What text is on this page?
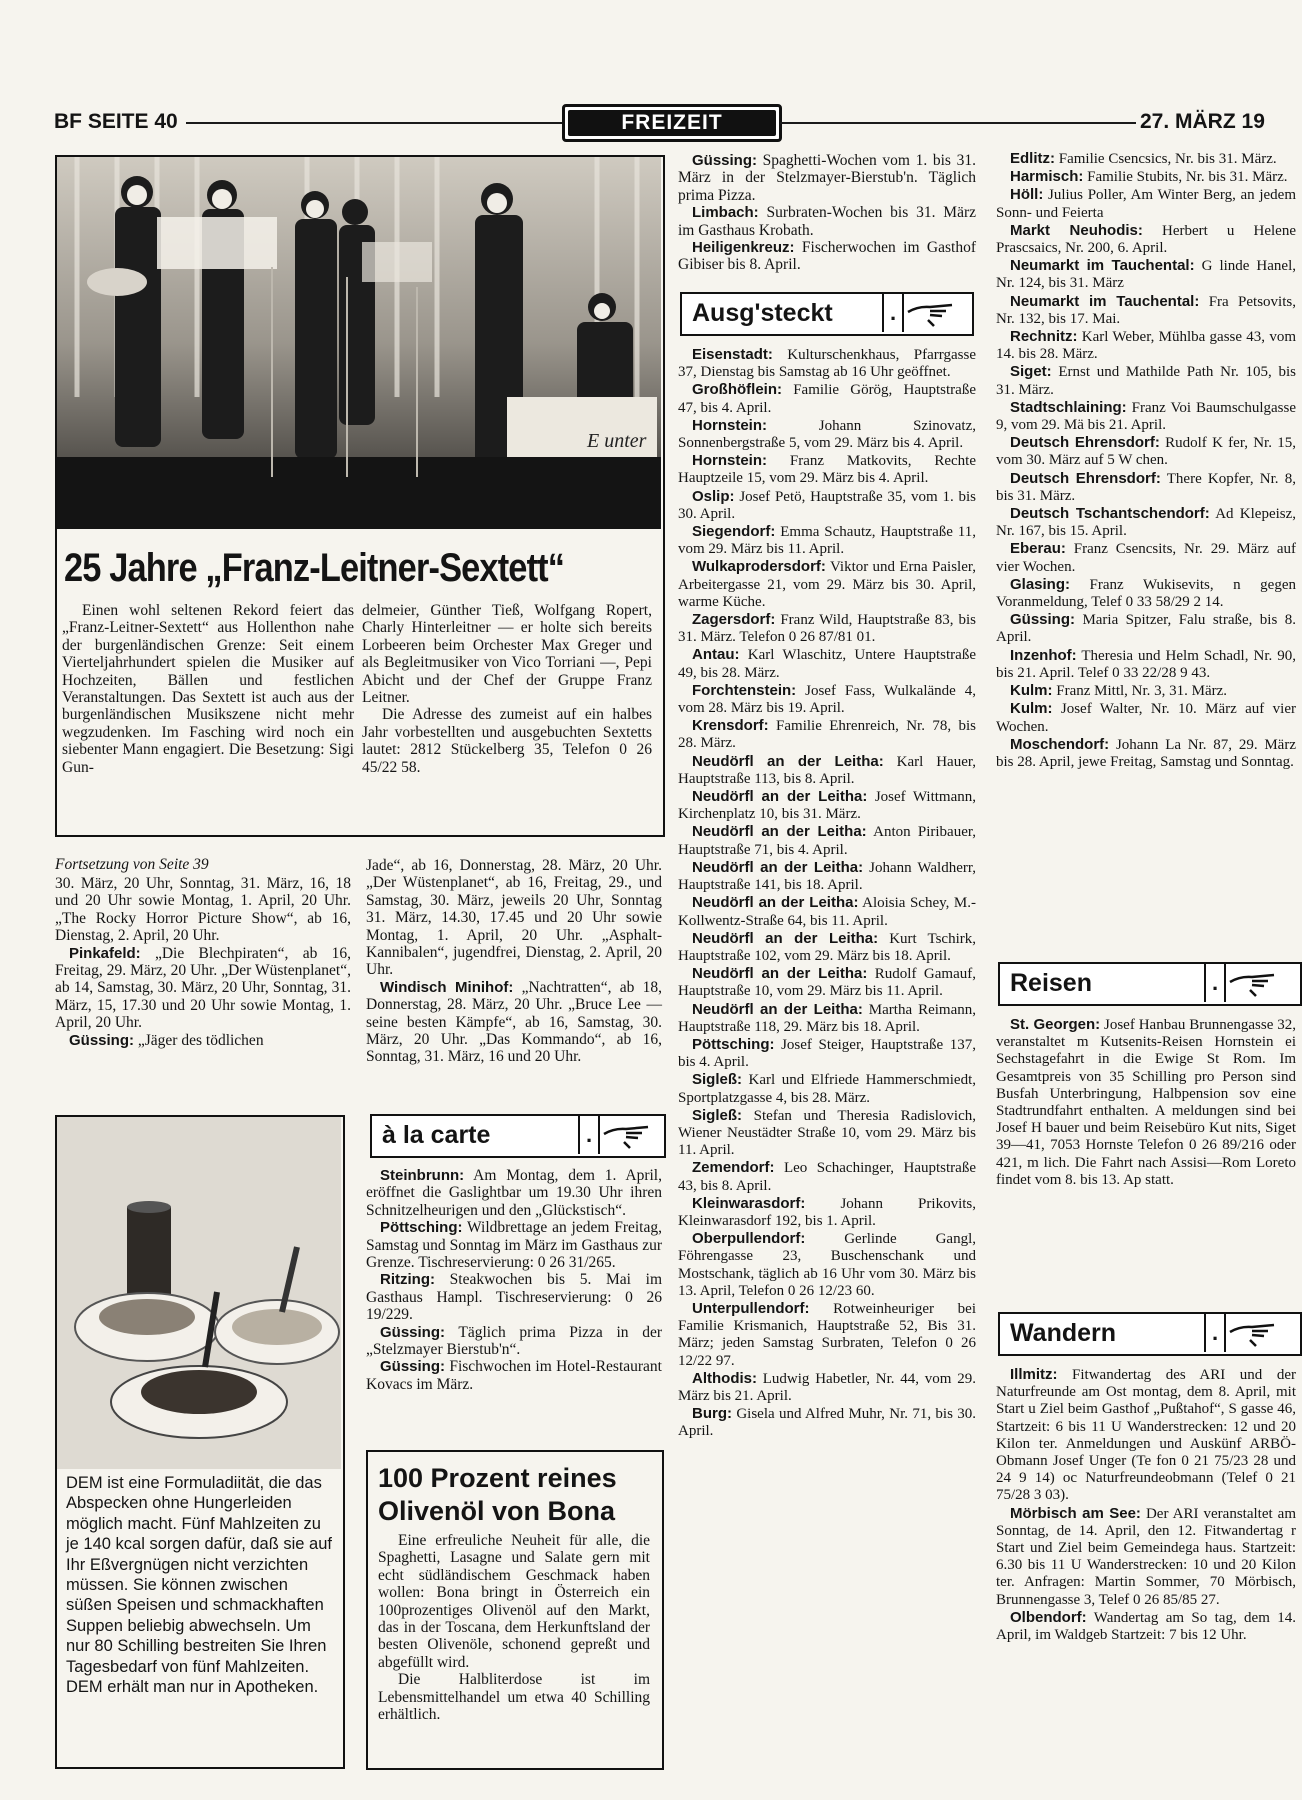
BF SEITE 40	FREIZEIT	27. MÄRZ 19
E unter
25 Jahre „Franz-Leitner-Sextett“

Einen wohl seltenen Rekord feiert das „Franz-Leitner-Sextett“ aus Hollenthon nahe der burgenländischen Grenze: Seit einem Vierteljahrhundert spielen die Musiker auf Hochzeiten, Bällen und festlichen Veranstaltungen. Das Sextett ist auch aus der burgenländischen Musikszene nicht mehr wegzudenken. Im Fasching wird noch ein siebenter Mann engagiert. Die Besetzung: Sigi Gun-

delmeier, Günther Tieß, Wolfgang Ropert, Charly Hinterleitner — er holte sich bereits Lorbeeren beim Orchester Max Greger und als Begleitmusiker von Vico Torriani —, Pepi Abicht und der Chef der Gruppe Franz Leitner.

Die Adresse des zumeist auf ein halbes Jahr vorbestellten und ausgebuchten Sextetts lautet: 2812 Stückelberg 35, Telefon 0 26 45/22 58.

Fortsetzung von Seite 39

30. März, 20 Uhr, Sonntag, 31. März, 16, 18 und 20 Uhr sowie Montag, 1. April, 20 Uhr. „The Rocky Horror Picture Show“, ab 16, Dienstag, 2. April, 20 Uhr.

Pinkafeld: „Die Blechpiraten“, ab 16, Freitag, 29. März, 20 Uhr. „Der Wüstenplanet“, ab 14, Samstag, 30. März, 20 Uhr, Sonntag, 31. März, 15, 17.30 und 20 Uhr sowie Montag, 1. April, 20 Uhr.

Güssing: „Jäger des tödlichen

Jade“, ab 16, Donnerstag, 28. März, 20 Uhr. „Der Wüstenplanet“, ab 16, Freitag, 29., und Samstag, 30. März, jeweils 20 Uhr, Sonntag 31. März, 14.30, 17.45 und 20 Uhr sowie Montag, 1. April, 20 Uhr. „Asphalt-Kannibalen“, jugendfrei, Dienstag, 2. April, 20 Uhr.

Windisch Minihof: „Nachtratten“, ab 18, Donnerstag, 28. März, 20 Uhr. „Bruce Lee — seine besten Kämpfe“, ab 16, Samstag, 30. März, 20 Uhr. „Das Kommando“, ab 16, Sonntag, 31. März, 16 und 20 Uhr.

DEM ist eine Formuladiität, die das Abspecken ohne Hungerleiden möglich macht. Fünf Mahlzeiten zu je 140 kcal sorgen dafür, daß sie auf Ihr Eßvergnügen nicht verzichten müssen. Sie können zwischen süßen Speisen und schmackhaften Suppen beliebig abwechseln. Um nur 80 Schilling bestreiten Sie Ihren Tagesbedarf von fünf Mahlzeiten.

DEM erhält man nur in Apotheken.

à la carte	.

Steinbrunn: Am Montag, dem 1. April, eröffnet die Gaslightbar um 19.30 Uhr ihren Schnitzelheurigen und den „Glückstisch“.

Pöttsching: Wildbrettage an jedem Freitag, Samstag und Sonntag im März im Gasthaus zur Grenze. Tischreservierung: 0 26 31/265.

Ritzing: Steakwochen bis 5. Mai im Gasthaus Hampl. Tischreservierung: 0 26 19/229.

Güssing: Täglich prima Pizza in der „Stelzmayer Bierstub'n“.

Güssing: Fischwochen im Hotel-Restaurant Kovacs im März.

100 Prozent reines Olivenöl von Bona

Eine erfreuliche Neuheit für alle, die Spaghetti, Lasagne und Salate gern mit echt südländischem Geschmack haben wollen: Bona bringt in Österreich ein 100prozentiges Olivenöl auf den Markt, das in der Toscana, dem Herkunftsland der besten Olivenöle, schonend gepreßt und abgefüllt wird.

Die Halbliterdose ist im Lebensmittelhandel um etwa 40 Schilling erhältlich.

Güssing: Spaghetti-Wochen vom 1. bis 31. März in der Stelzmayer-Bierstub'n. Täglich prima Pizza.

Limbach: Surbraten-Wochen bis 31. März im Gasthaus Krobath.

Heiligenkreuz: Fischerwochen im Gasthof Gibiser bis 8. April.

Ausg'steckt	.

Eisenstadt: Kulturschenkhaus, Pfarrgasse 37, Dienstag bis Samstag ab 16 Uhr geöffnet.

Großhöflein: Familie Görög, Hauptstraße 47, bis 4. April.

Hornstein: Johann Szinovatz, Sonnenbergstraße 5, vom 29. März bis 4. April.

Hornstein: Franz Matkovits, Rechte Hauptzeile 15, vom 29. März bis 4. April.

Oslip: Josef Petö, Hauptstraße 35, vom 1. bis 30. April.

Siegendorf: Emma Schautz, Hauptstraße 11, vom 29. März bis 11. April.

Wulkaprodersdorf: Viktor und Erna Paisler, Arbeitergasse 21, vom 29. März bis 30. April, warme Küche.

Zagersdorf: Franz Wild, Hauptstraße 83, bis 31. März. Telefon 0 26 87/81 01.

Antau: Karl Wlaschitz, Untere Hauptstraße 49, bis 28. März.

Forchtenstein: Josef Fass, Wulkalände 4, vom 28. März bis 19. April.

Krensdorf: Familie Ehrenreich, Nr. 78, bis 28. März.

Neudörfl an der Leitha: Karl Hauer, Hauptstraße 113, bis 8. April.

Neudörfl an der Leitha: Josef Wittmann, Kirchenplatz 10, bis 31. März.

Neudörfl an der Leitha: Anton Piribauer, Hauptstraße 71, bis 4. April.

Neudörfl an der Leitha: Johann Waldherr, Hauptstraße 141, bis 18. April.

Neudörfl an der Leitha: Aloisia Schey, M.-Kollwentz-Straße 64, bis 11. April.

Neudörfl an der Leitha: Kurt Tschirk, Hauptstraße 102, vom 29. März bis 18. April.

Neudörfl an der Leitha: Rudolf Gamauf, Hauptstraße 10, vom 29. März bis 11. April.

Neudörfl an der Leitha: Martha Reimann, Hauptstraße 118, 29. März bis 18. April.

Pöttsching: Josef Steiger, Hauptstraße 137, bis 4. April.

Sigleß: Karl und Elfriede Hammerschmiedt, Sportplatzgasse 4, bis 28. März.

Sigleß: Stefan und Theresia Radislovich, Wiener Neustädter Straße 10, vom 29. März bis 11. April.

Zemendorf: Leo Schachinger, Hauptstraße 43, bis 8. April.

Kleinwarasdorf: Johann Prikovits, Kleinwarasdorf 192, bis 1. April.

Oberpullendorf: Gerlinde Gangl, Föhrengasse 23, Buschenschank und Mostschank, täglich ab 16 Uhr vom 30. März bis 13. April, Telefon 0 26 12/23 60.

Unterpullendorf: Rotweinheuriger bei Familie Krismanich, Hauptstraße 52, Bis 31. März; jeden Samstag Surbraten, Telefon 0 26 12/22 97.

Althodis: Ludwig Habetler, Nr. 44, vom 29. März bis 21. April.

Burg: Gisela und Alfred Muhr, Nr. 71, bis 30. April.

Edlitz: Familie Csencsics, Nr. bis 31. März.

Harmisch: Familie Stubits, Nr. bis 31. März.

Höll: Julius Poller, Am Winter Berg, an jedem Sonn- und Feierta

Markt Neuhodis: Herbert u Helene Prascsaics, Nr. 200, 6. April.

Neumarkt im Tauchental: G linde Hanel, Nr. 124, bis 31. März

Neumarkt im Tauchental: Fra Petsovits, Nr. 132, bis 17. Mai.

Rechnitz: Karl Weber, Mühlba gasse 43, vom 14. bis 28. März.

Siget: Ernst und Mathilde Path Nr. 105, bis 31. März.

Stadtschlaining: Franz Voi Baumschulgasse 9, vom 29. Mä bis 21. April.

Deutsch Ehrensdorf: Rudolf K fer, Nr. 15, vom 30. März auf 5 W chen.

Deutsch Ehrensdorf: There Kopfer, Nr. 8, bis 31. März.

Deutsch Tschantschendorf: Ad Klepeisz, Nr. 167, bis 15. April.

Eberau: Franz Csencsits, Nr. 29. März auf vier Wochen.

Glasing: Franz Wukisevits, n gegen Voranmeldung, Telef 0 33 58/29 2 14.

Güssing: Maria Spitzer, Falu straße, bis 8. April.

Inzenhof: Theresia und Helm Schadl, Nr. 90, bis 21. April. Telef 0 33 22/28 9 43.

Kulm: Franz Mittl, Nr. 3, 31. März.

Kulm: Josef Walter, Nr. 10. März auf vier Wochen.

Moschendorf: Johann La Nr. 87, 29. März bis 28. April, jewe Freitag, Samstag und Sonntag.

Reisen	.

St. Georgen: Josef Hanbau Brunnengasse 32, veranstaltet m Kutsenits-Reisen Hornstein ei Sechstagefahrt in die Ewige St Rom. Im Gesamtpreis von 35 Schilling pro Person sind Busfah Unterbringung, Halbpension sov eine Stadtrundfahrt enthalten. A meldungen sind bei Josef H bauer und beim Reisebüro Kut nits, Siget 39—41, 7053 Hornste Telefon 0 26 89/216 oder 421, m lich. Die Fahrt nach Assisi—Rom Loreto findet vom 8. bis 13. Ap statt.

Wandern	.

Illmitz: Fitwandertag des ARI und der Naturfreunde am Ost montag, dem 8. April, mit Start u Ziel beim Gasthof „Pußtahof“, S gasse 46, Startzeit: 6 bis 11 U Wanderstrecken: 12 und 20 Kilon ter. Anmeldungen und Auskünf ARBÖ-Obmann Josef Unger (Te fon 0 21 75/23 28 und 24 9 14) oc Naturfreundeobmann (Telef 0 21 75/28 3 03).

Mörbisch am See: Der ARI veranstaltet am Sonntag, de 14. April, den 12. Fitwandertag r Start und Ziel beim Gemeindega haus. Startzeit: 6.30 bis 11 U Wanderstrecken: 10 und 20 Kilon ter. Anfragen: Martin Sommer, 70 Mörbisch, Brunnengasse 3, Telef 0 26 85/85 27.

Olbendorf: Wandertag am So tag, dem 14. April, im Waldgeb Startzeit: 7 bis 12 Uhr.
